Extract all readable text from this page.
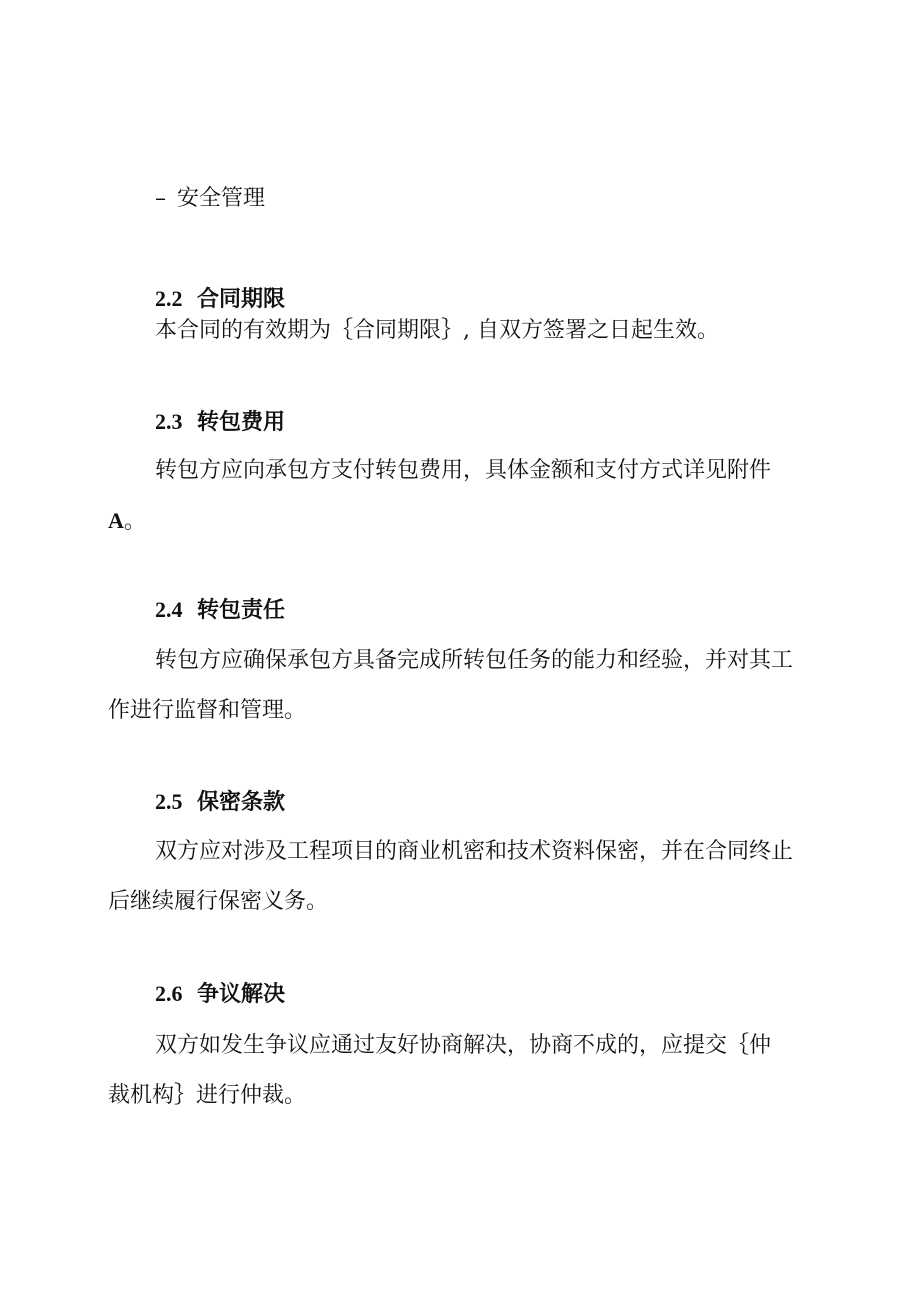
– 安全管理
2.2 合同期限
本合同的有效期为｛合同期限｝, 自双方签署之日起生效。
2.3 转包费用
转包方应向承包方支付转包费用，具体金额和支付方式详见附件
A。
2.4 转包责任
转包方应确保承包方具备完成所转包任务的能力和经验，并对其工
作进行监督和管理。
2.5 保密条款
双方应对涉及工程项目的商业机密和技术资料保密，并在合同终止
后继续履行保密义务。
2.6 争议解决
双方如发生争议应通过友好协商解决，协商不成的，应提交｛仲
裁机构｝进行仲裁。
